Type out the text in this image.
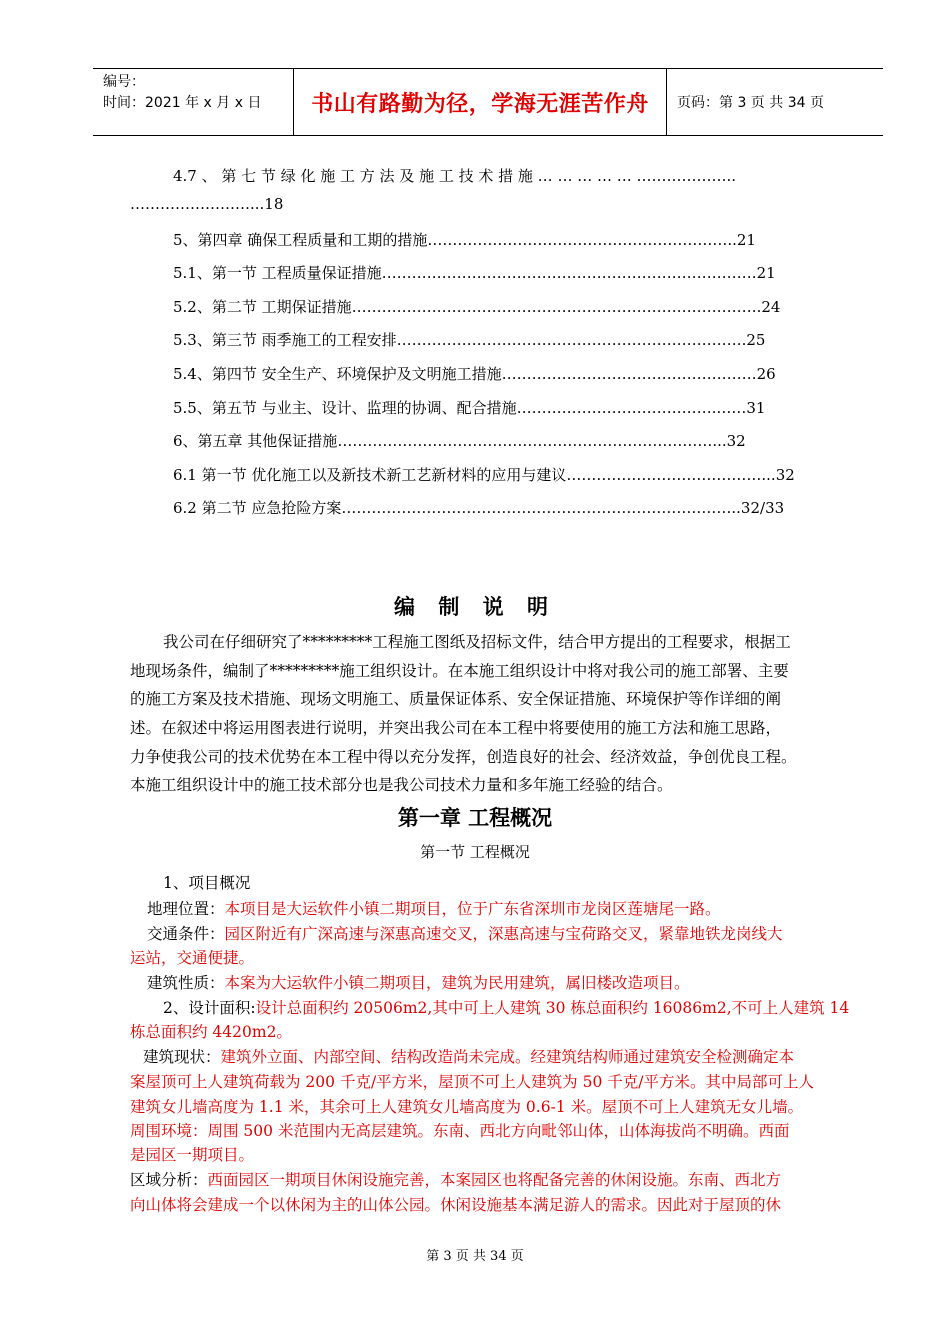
编号：
时间：2021 年 x 月 x 日	书山有路勤为径，学海无涯苦作舟	页码：第 3 页 共 34 页
4.7 、 第 七 节 绿 化 施 工 方 法 及 施 工 技 术 措 施 … … … … … ………………..
……………………...18
5、第四章 确保工程质量和工期的措施……………………………………………………..21
5.1、第一节 工程质量保证措施…………………………………………………………………21
5.2、第二节 工期保证措施……………………………………………………………………….24
5.3、第三节 雨季施工的工程安排…………………………………………………………….25
5.4、第四节 安全生产、环境保护及文明施工措施……………………………………………26
5.5、第五节 与业主、设计、监理的协调、配合措施………………………………….……31
6、第五章 其他保证措施…………………………………………………………………...32
6.1 第一节 优化施工以及新技术新工艺新材料的应用与建议…………………………………...32
6.2 第二节 应急抢险方案……………………………………………………………………..32/33
编 制 说 明
我公司在仔细研究了*********工程施工图纸及招标文件，结合甲方提出的工程要求，根据工
地现场条件，编制了*********施工组织设计。在本施工组织设计中将对我公司的施工部署、主要
的施工方案及技术措施、现场文明施工、质量保证体系、安全保证措施、环境保护等作详细的阐
述。在叙述中将运用图表进行说明，并突出我公司在本工程中将要使用的施工方法和施工思路，
力争使我公司的技术优势在本工程中得以充分发挥，创造良好的社会、经济效益，争创优良工程。
本施工组织设计中的施工技术部分也是我公司技术力量和多年施工经验的结合。
第一章 工程概况
第一节 工程概况
1、项目概况
地理位置：本项目是大运软件小镇二期项目，位于广东省深圳市龙岗区莲塘尾一路。
交通条件：园区附近有广深高速与深惠高速交叉，深惠高速与宝荷路交叉，紧靠地铁龙岗线大
运站，交通便捷。
建筑性质：本案为大运软件小镇二期项目，建筑为民用建筑，属旧楼改造项目。
2、设计面积:设计总面积约 20506m2,其中可上人建筑 30 栋总面积约 16086m2,不可上人建筑 14
栋总面积约 4420m2。
建筑现状：建筑外立面、内部空间、结构改造尚未完成。经建筑结构师通过建筑安全检测确定本
案屋顶可上人建筑荷载为 200 千克/平方米，屋顶不可上人建筑为 50 千克/平方米。其中局部可上人
建筑女儿墙高度为 1.1 米，其余可上人建筑女儿墙高度为 0.6-1 米。屋顶不可上人建筑无女儿墙。
周围环境：周围 500 米范围内无高层建筑。东南、西北方向毗邻山体，山体海拔尚不明确。西面
是园区一期项目。
区域分析：西面园区一期项目休闲设施完善，本案园区也将配备完善的休闲设施。东南、西北方
向山体将会建成一个以休闲为主的山体公园。休闲设施基本满足游人的需求。因此对于屋顶的休
第 3 页 共 34 页
